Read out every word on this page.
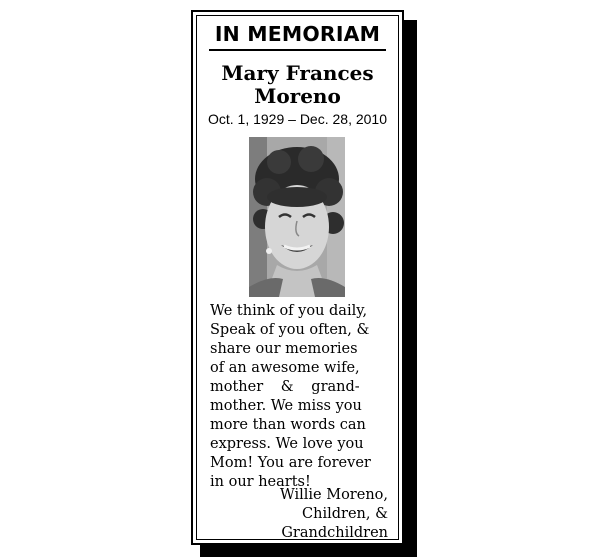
IN MEMORIAM
Mary Frances
Moreno
Oct. 1, 1929 – Dec. 28, 2010
We think of you daily,
Speak of you often, &
share our memories
of an awesome wife,
mother & grand-
mother. We miss you
more than words can
express. We love you
Mom! You are forever
in our hearts!
Willie Moreno,
Children, &
Grandchildren
